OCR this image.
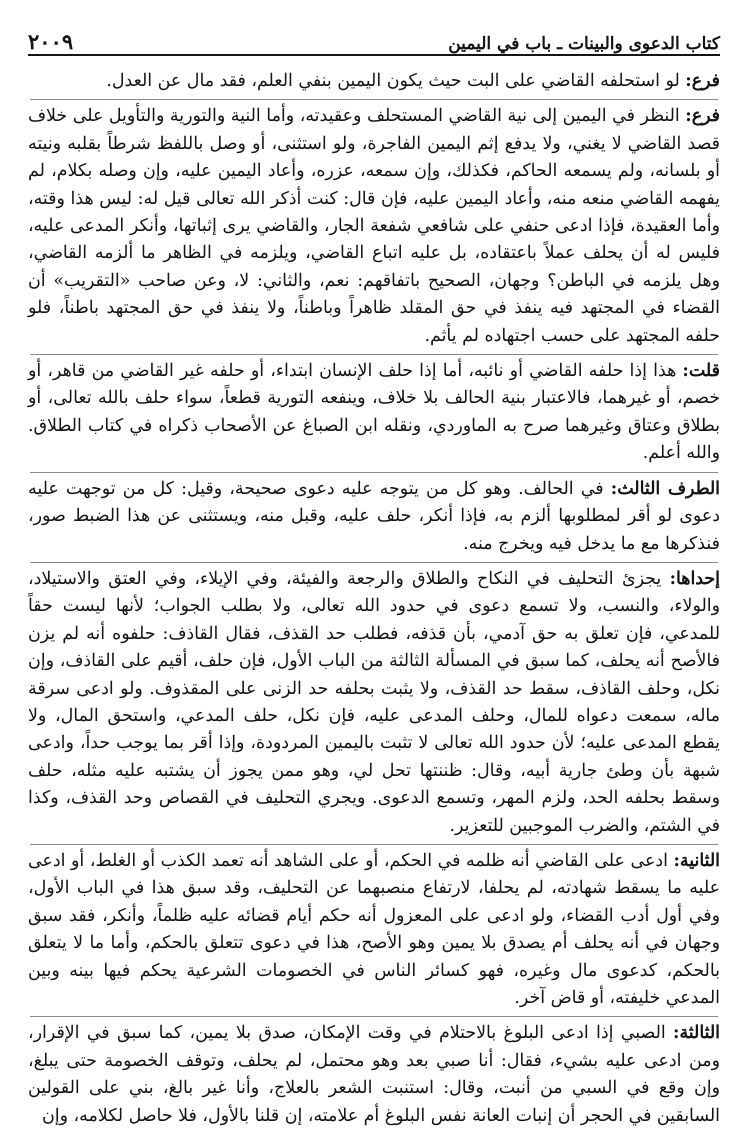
كتاب الدعوى والبينات ـ باب في اليمين
٢٠٠٩

فرع: لو استحلفه القاضي على البت حيث يكون اليمين بنفي العلم، فقد مال عن العدل.

فرع: النظر في اليمين إلى نية القاضي المستحلف وعقيدته، وأما النية والتورية والتأويل على خلاف قصد القاضي لا يغني، ولا يدفع إثم اليمين الفاجرة، ولو استثنى، أو وصل باللفظ شرطاً بقلبه ونيته أو بلسانه، ولم يسمعه الحاكم، فكذلك، وإن سمعه، عزره، وأعاد اليمين عليه، وإن وصله بكلام، لم يفهمه القاضي منعه منه، وأعاد اليمين عليه، فإن قال: كنت أذكر الله تعالى قيل له: ليس هذا وقته، وأما العقيدة، فإذا ادعى حنفي على شافعي شفعة الجار، والقاضي يرى إثباتها، وأنكر المدعى عليه، فليس له أن يحلف عملاً باعتقاده، بل عليه اتباع القاضي، ويلزمه في الظاهر ما ألزمه القاضي، وهل يلزمه في الباطن؟ وجهان، الصحيح باتفاقهم: نعم، والثاني: لا، وعن صاحب «التقريب» أن القضاء في المجتهد فيه ينفذ في حق المقلد ظاهراً وباطناً، ولا ينفذ في حق المجتهد باطناً، فلو حلفه المجتهد على حسب اجتهاده لم يأثم.

قلت: هذا إذا حلفه القاضي أو نائبه، أما إذا حلف الإنسان ابتداء، أو حلفه غير القاضي من قاهر، أو خصم، أو غيرهما، فالاعتبار بنية الحالف بلا خلاف، وينفعه التورية قطعاً، سواء حلف بالله تعالى، أو بطلاق وعتاق وغيرهما صرح به الماوردي، ونقله ابن الصباغ عن الأصحاب ذكراه في كتاب الطلاق. والله أعلم.

الطرف الثالث: في الحالف. وهو كل من يتوجه عليه دعوى صحيحة، وقيل: كل من توجهت عليه دعوى لو أقر لمطلوبها ألزم به، فإذا أنكر، حلف عليه، وقبل منه، ويستثنى عن هذا الضبط صور، فنذكرها مع ما يدخل فيه ويخرج منه.

إحداها: يجزئ التحليف في النكاح والطلاق والرجعة والفيئة، وفي الإيلاء، وفي العتق والاستيلاد، والولاء، والنسب، ولا تسمع دعوى في حدود الله تعالى، ولا بطلب الجواب؛ لأنها ليست حقاً للمدعي، فإن تعلق به حق آدمي، بأن قذفه، فطلب حد القذف، فقال القاذف: حلفوه أنه لم يزن فالأصح أنه يحلف، كما سبق في المسألة الثالثة من الباب الأول، فإن حلف، أقيم على القاذف، وإن نكل، وحلف القاذف، سقط حد القذف، ولا يثبت بحلفه حد الزنى على المقذوف. ولو ادعى سرقة ماله، سمعت دعواه للمال، وحلف المدعى عليه، فإن نكل، حلف المدعي، واستحق المال، ولا يقطع المدعى عليه؛ لأن حدود الله تعالى لا تثبت باليمين المردودة، وإذا أقر بما يوجب حداً، وادعى شبهة بأن وطئ جارية أبيه، وقال: ظننتها تحل لي، وهو ممن يجوز أن يشتبه عليه مثله، حلف وسقط بحلفه الحد، ولزم المهر، وتسمع الدعوى. ويجري التحليف في القصاص وحد القذف، وكذا في الشتم، والضرب الموجبين للتعزير.

الثانية: ادعى على القاضي أنه ظلمه في الحكم، أو على الشاهد أنه تعمد الكذب أو الغلط، أو ادعى عليه ما يسقط شهادته، لم يحلفا، لارتفاع منصبهما عن التحليف، وقد سبق هذا في الباب الأول، وفي أول أدب القضاء، ولو ادعى على المعزول أنه حكم أيام قضائه عليه ظلماً، وأنكر، فقد سبق وجهان في أنه يحلف أم يصدق بلا يمين وهو الأصح، هذا في دعوى تتعلق بالحكم، وأما ما لا يتعلق بالحكم، كدعوى مال وغيره، فهو كسائر الناس في الخصومات الشرعية يحكم فيها بينه وبين المدعي خليفته، أو قاض آخر.

الثالثة: الصبي إذا ادعى البلوغ بالاحتلام في وقت الإمكان، صدق بلا يمين، كما سبق في الإقرار، ومن ادعى عليه بشيء، فقال: أنا صبي بعد وهو محتمل، لم يحلف، وتوقف الخصومة حتى يبلغ، وإن وقع في السبي من أنبت، وقال: استنبت الشعر بالعلاج، وأنا غير بالغ، بني على القولين السابقين في الحجر أن إنبات العانة نفس البلوغ أم علامته، إن قلنا بالأول، فلا حاصل لكلامه، وإن
